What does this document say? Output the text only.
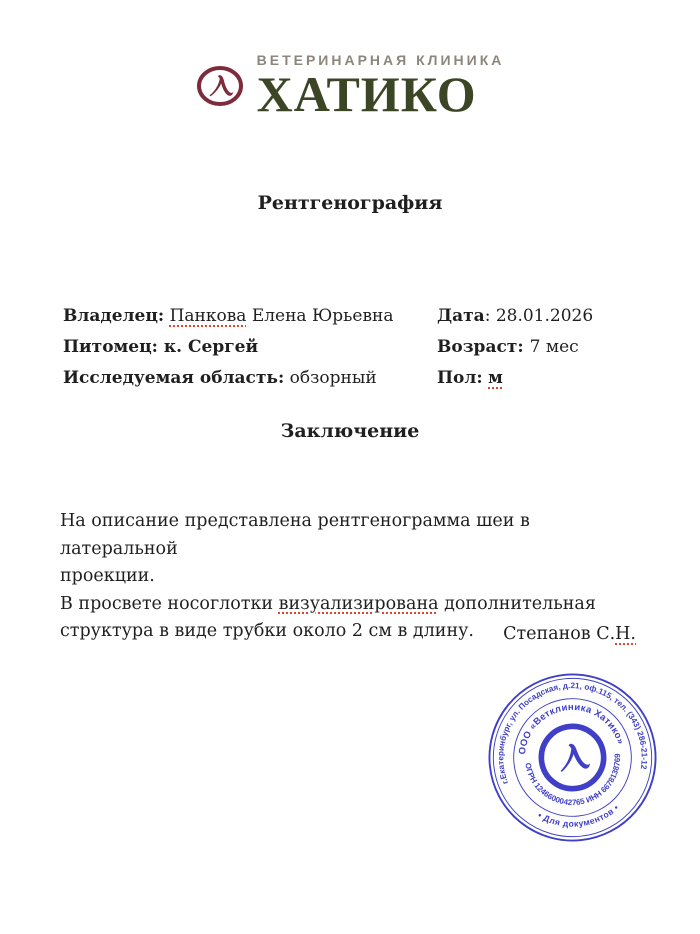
ВЕТЕРИНАРНАЯ КЛИНИКА
ХАТИКО
Рентгенография
Владелец: Панкова Елена Юрьевна	Дата: 28.01.2026
Питомец: к. Сергей	Возраст: 7 мес
Исследуемая область: обзорный	Пол: м
Заключение
На описание представлена рентгенограмма шеи в латеральной
проекции.
В просвете носоглотки визуализирована дополнительная
структура в виде трубки около 2 см в длину.	Степанов С.Н.
г.Екатеринбург, ул. Посадская, д.21, оф.115, тел. (343) 286-21-12
• Для документов •
ООО «Ветклиника Хатико»
ОГРН 1246600042765 ИНН 6678138769
